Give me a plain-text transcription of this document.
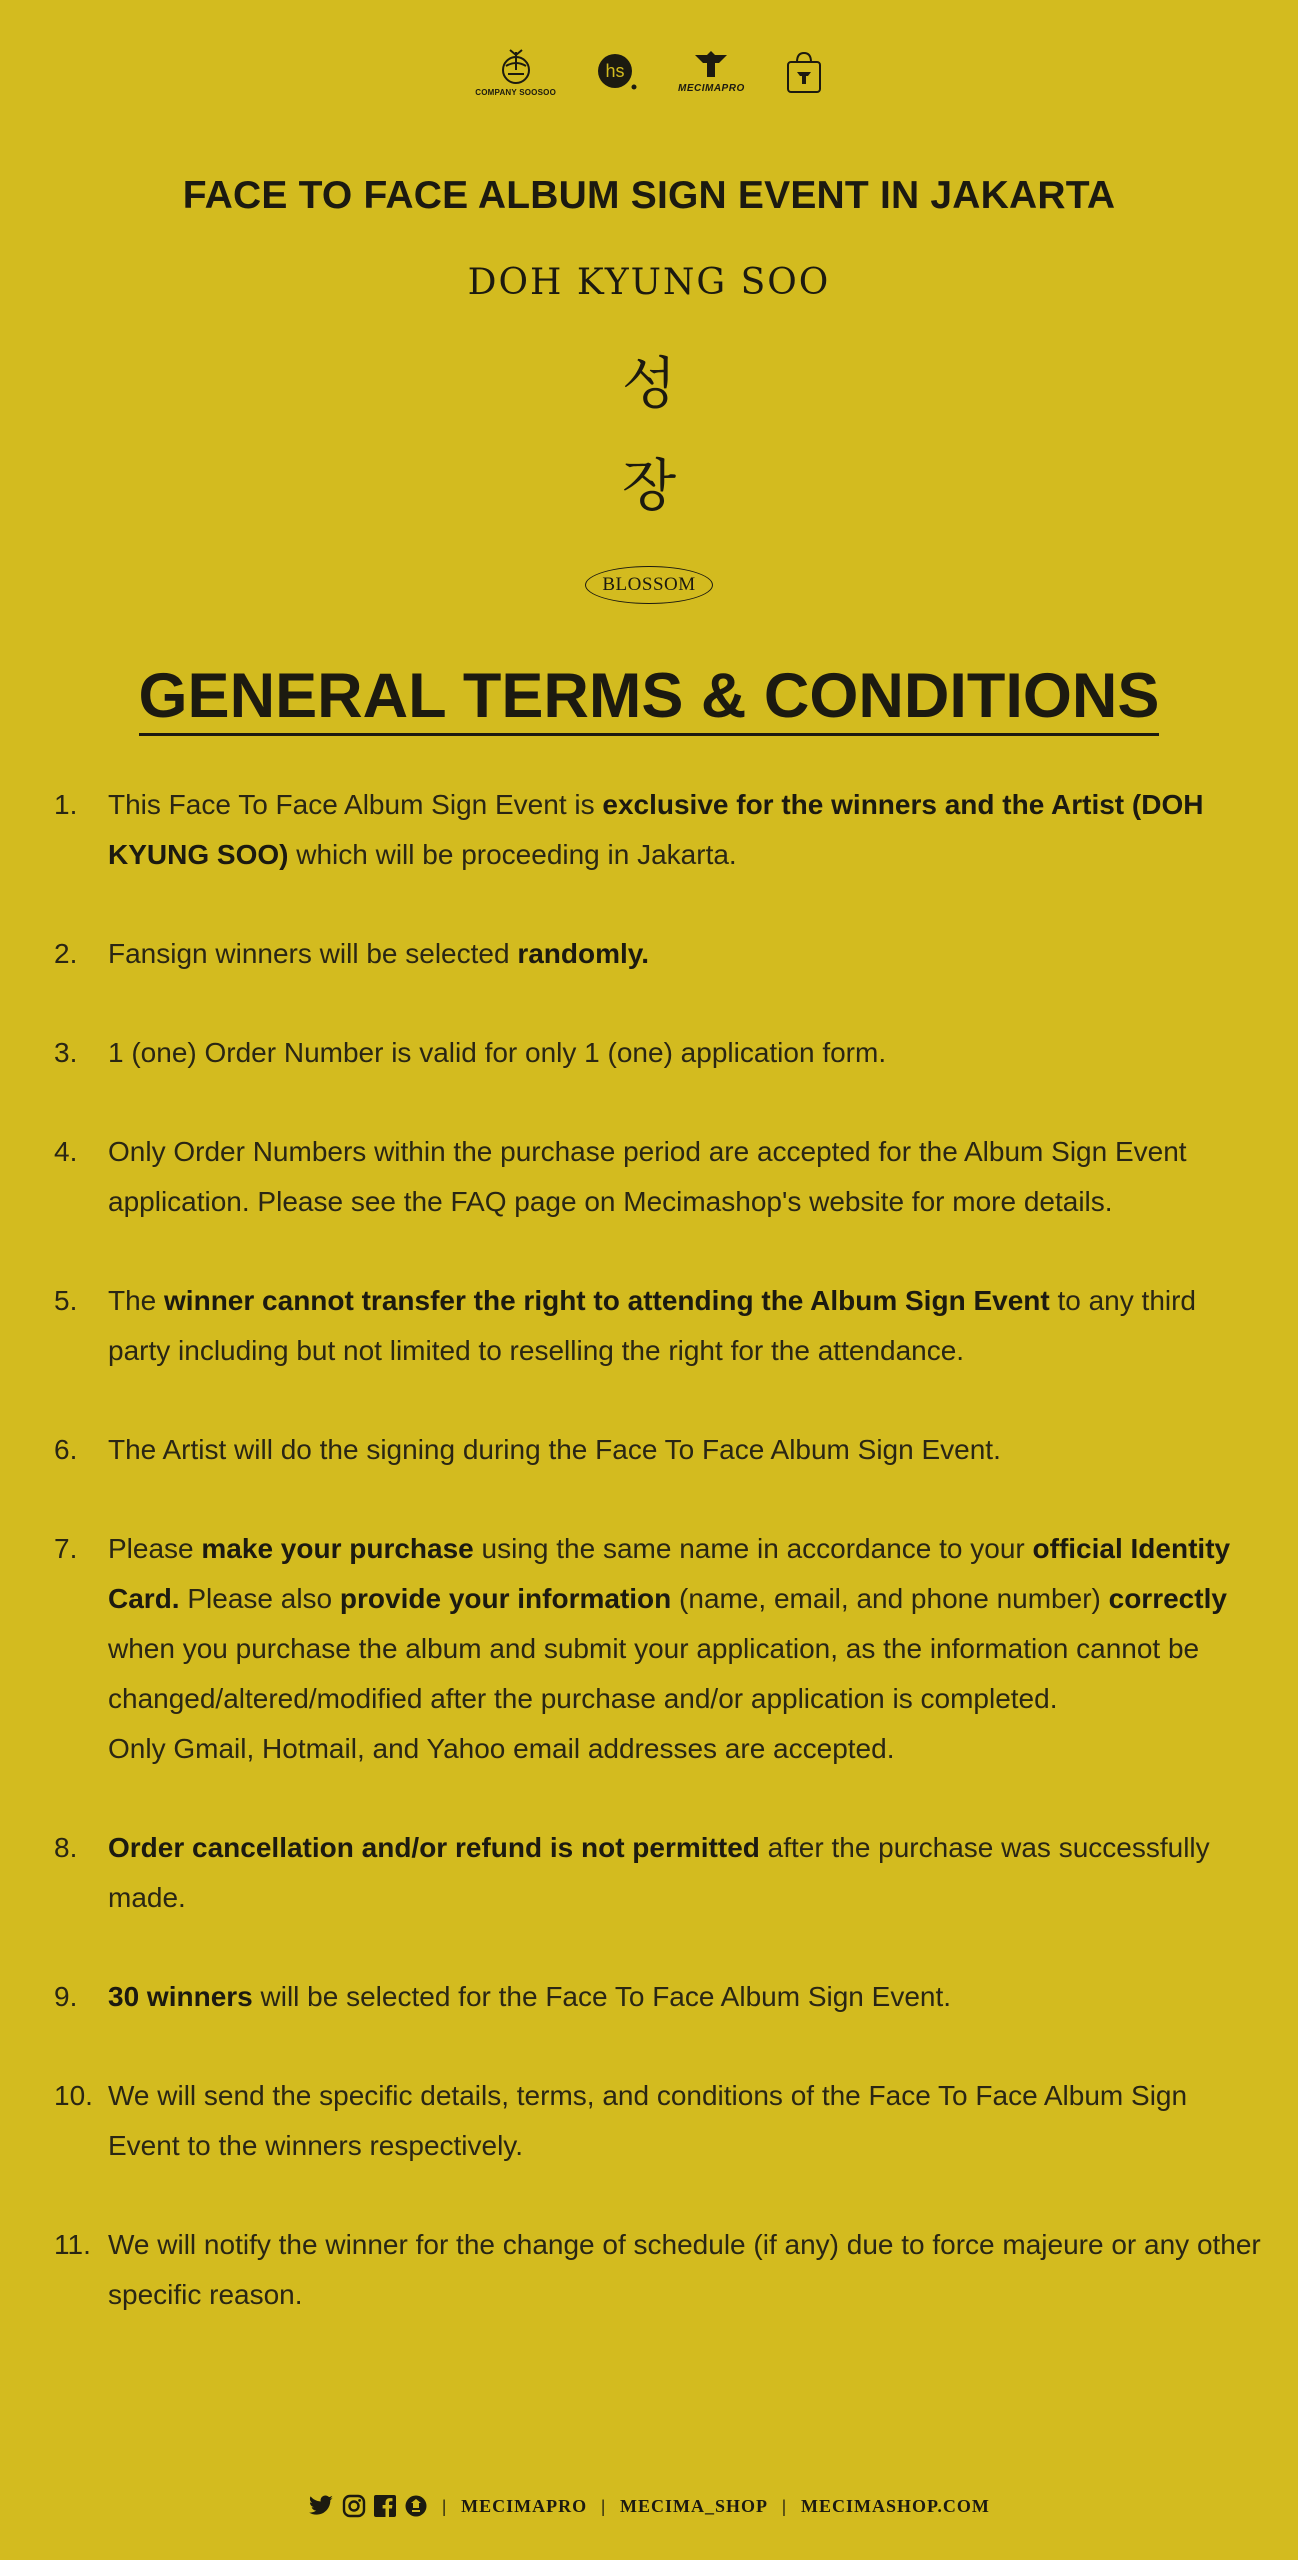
COMPANY SOOSOO
hs
MECIMAPRO
FACE TO FACE ALBUM SIGN EVENT IN JAKARTA
DOH KYUNG SOO
성
장
BLOSSOM
GENERAL TERMS & CONDITIONS
1. This Face To Face Album Sign Event is exclusive for the winners and the Artist (DOH KYUNG SOO) which will be proceeding in Jakarta.
2. Fansign winners will be selected randomly.
3. 1 (one) Order Number is valid for only 1 (one) application form.
4. Only Order Numbers within the purchase period are accepted for the Album Sign Event application. Please see the FAQ page on Mecimashop's website for more details.
5. The winner cannot transfer the right to attending the Album Sign Event to any third party including but not limited to reselling the right for the attendance.
6. The Artist will do the signing during the Face To Face Album Sign Event.
7. Please make your purchase using the same name in accordance to your official Identity Card. Please also provide your information (name, email, and phone number) correctly when you purchase the album and submit your application, as the information cannot be changed/altered/modified after the purchase and/or application is completed.
Only Gmail, Hotmail, and Yahoo email addresses are accepted.
8. Order cancellation and/or refund is not permitted after the purchase was successfully made.
9. 30 winners will be selected for the Face To Face Album Sign Event.
10. We will send the specific details, terms, and conditions of the Face To Face Album Sign Event to the winners respectively.
11. We will notify the winner for the change of schedule (if any) due to force majeure or any other specific reason.
| MECIMAPRO | MECIMA_SHOP | MECIMASHOP.COM
